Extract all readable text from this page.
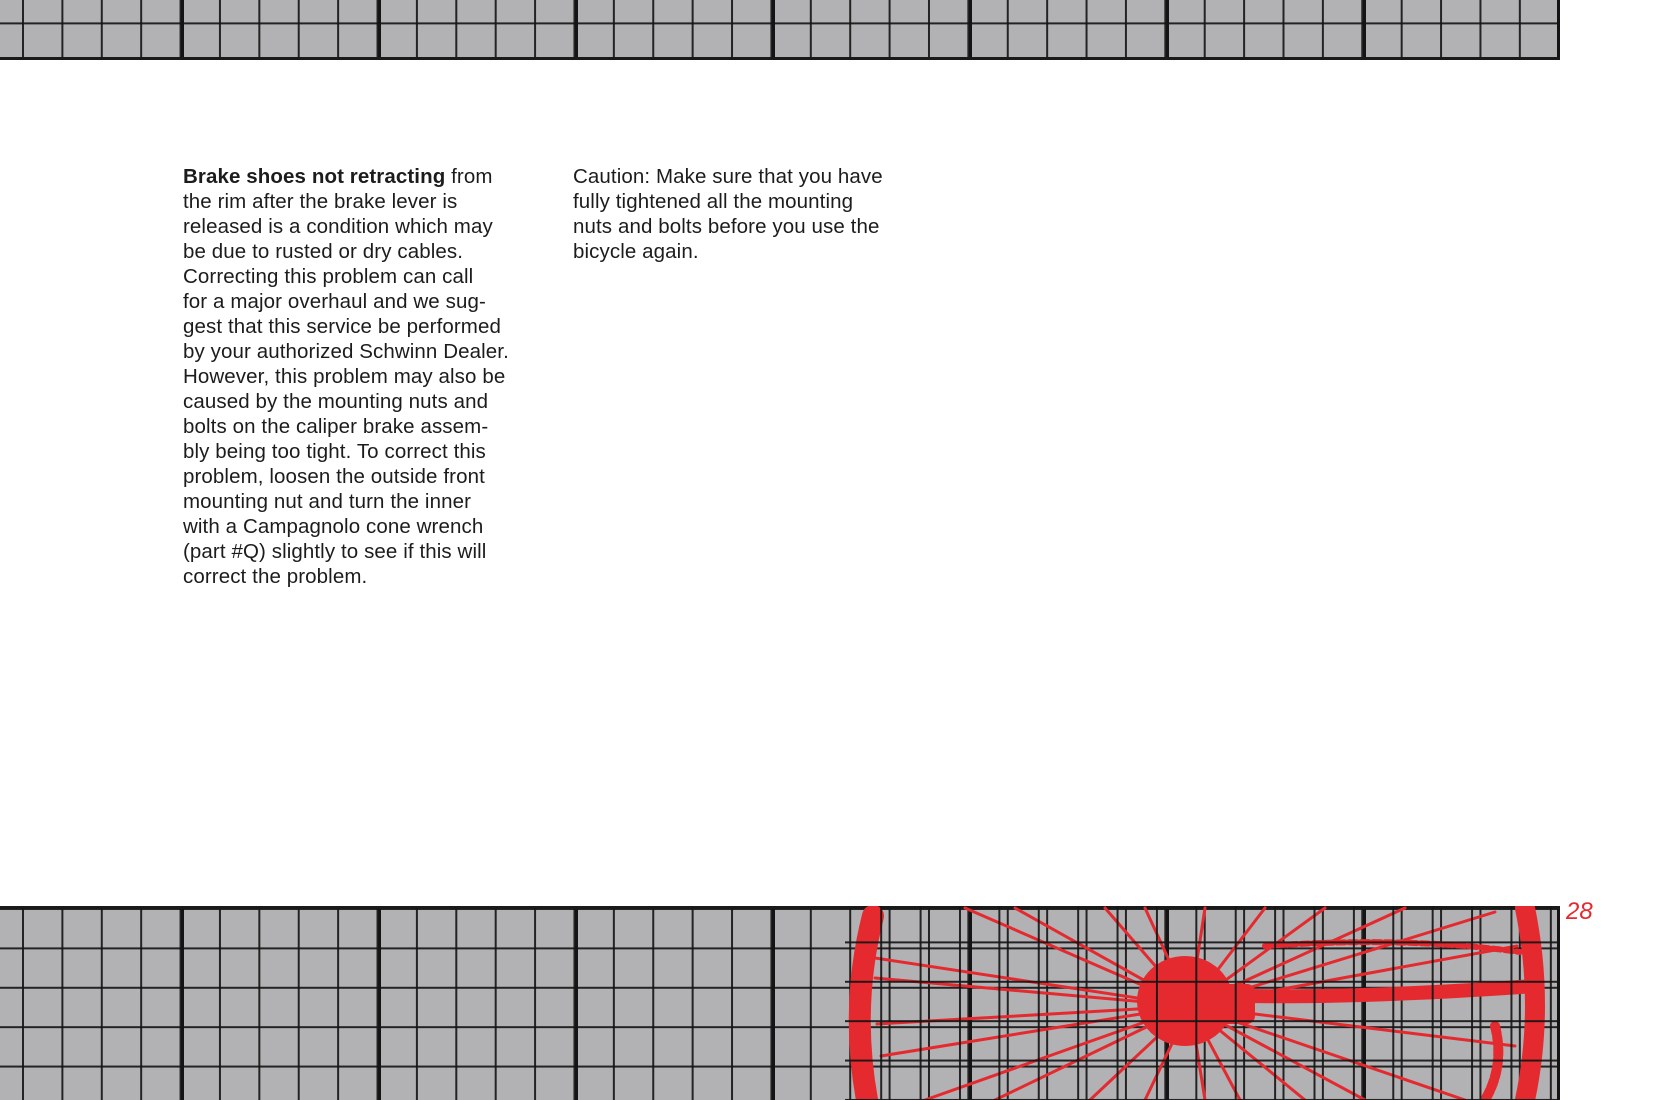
Brake shoes not retracting from
the rim after the brake lever is
released is a condition which may
be due to rusted or dry cables.
Correcting this problem can call
for a major overhaul and we sug-
gest that this service be performed
by your authorized Schwinn Dealer.
However, this problem may also be
caused by the mounting nuts and
bolts on the caliper brake assem-
bly being too tight. To correct this
problem, loosen the outside front
mounting nut and turn the inner
with a Campagnolo cone wrench
(part #Q) slightly to see if this will
correct the problem.
Caution: Make sure that you have
fully tightened all the mounting
nuts and bolts before you use the
bicycle again.
28
